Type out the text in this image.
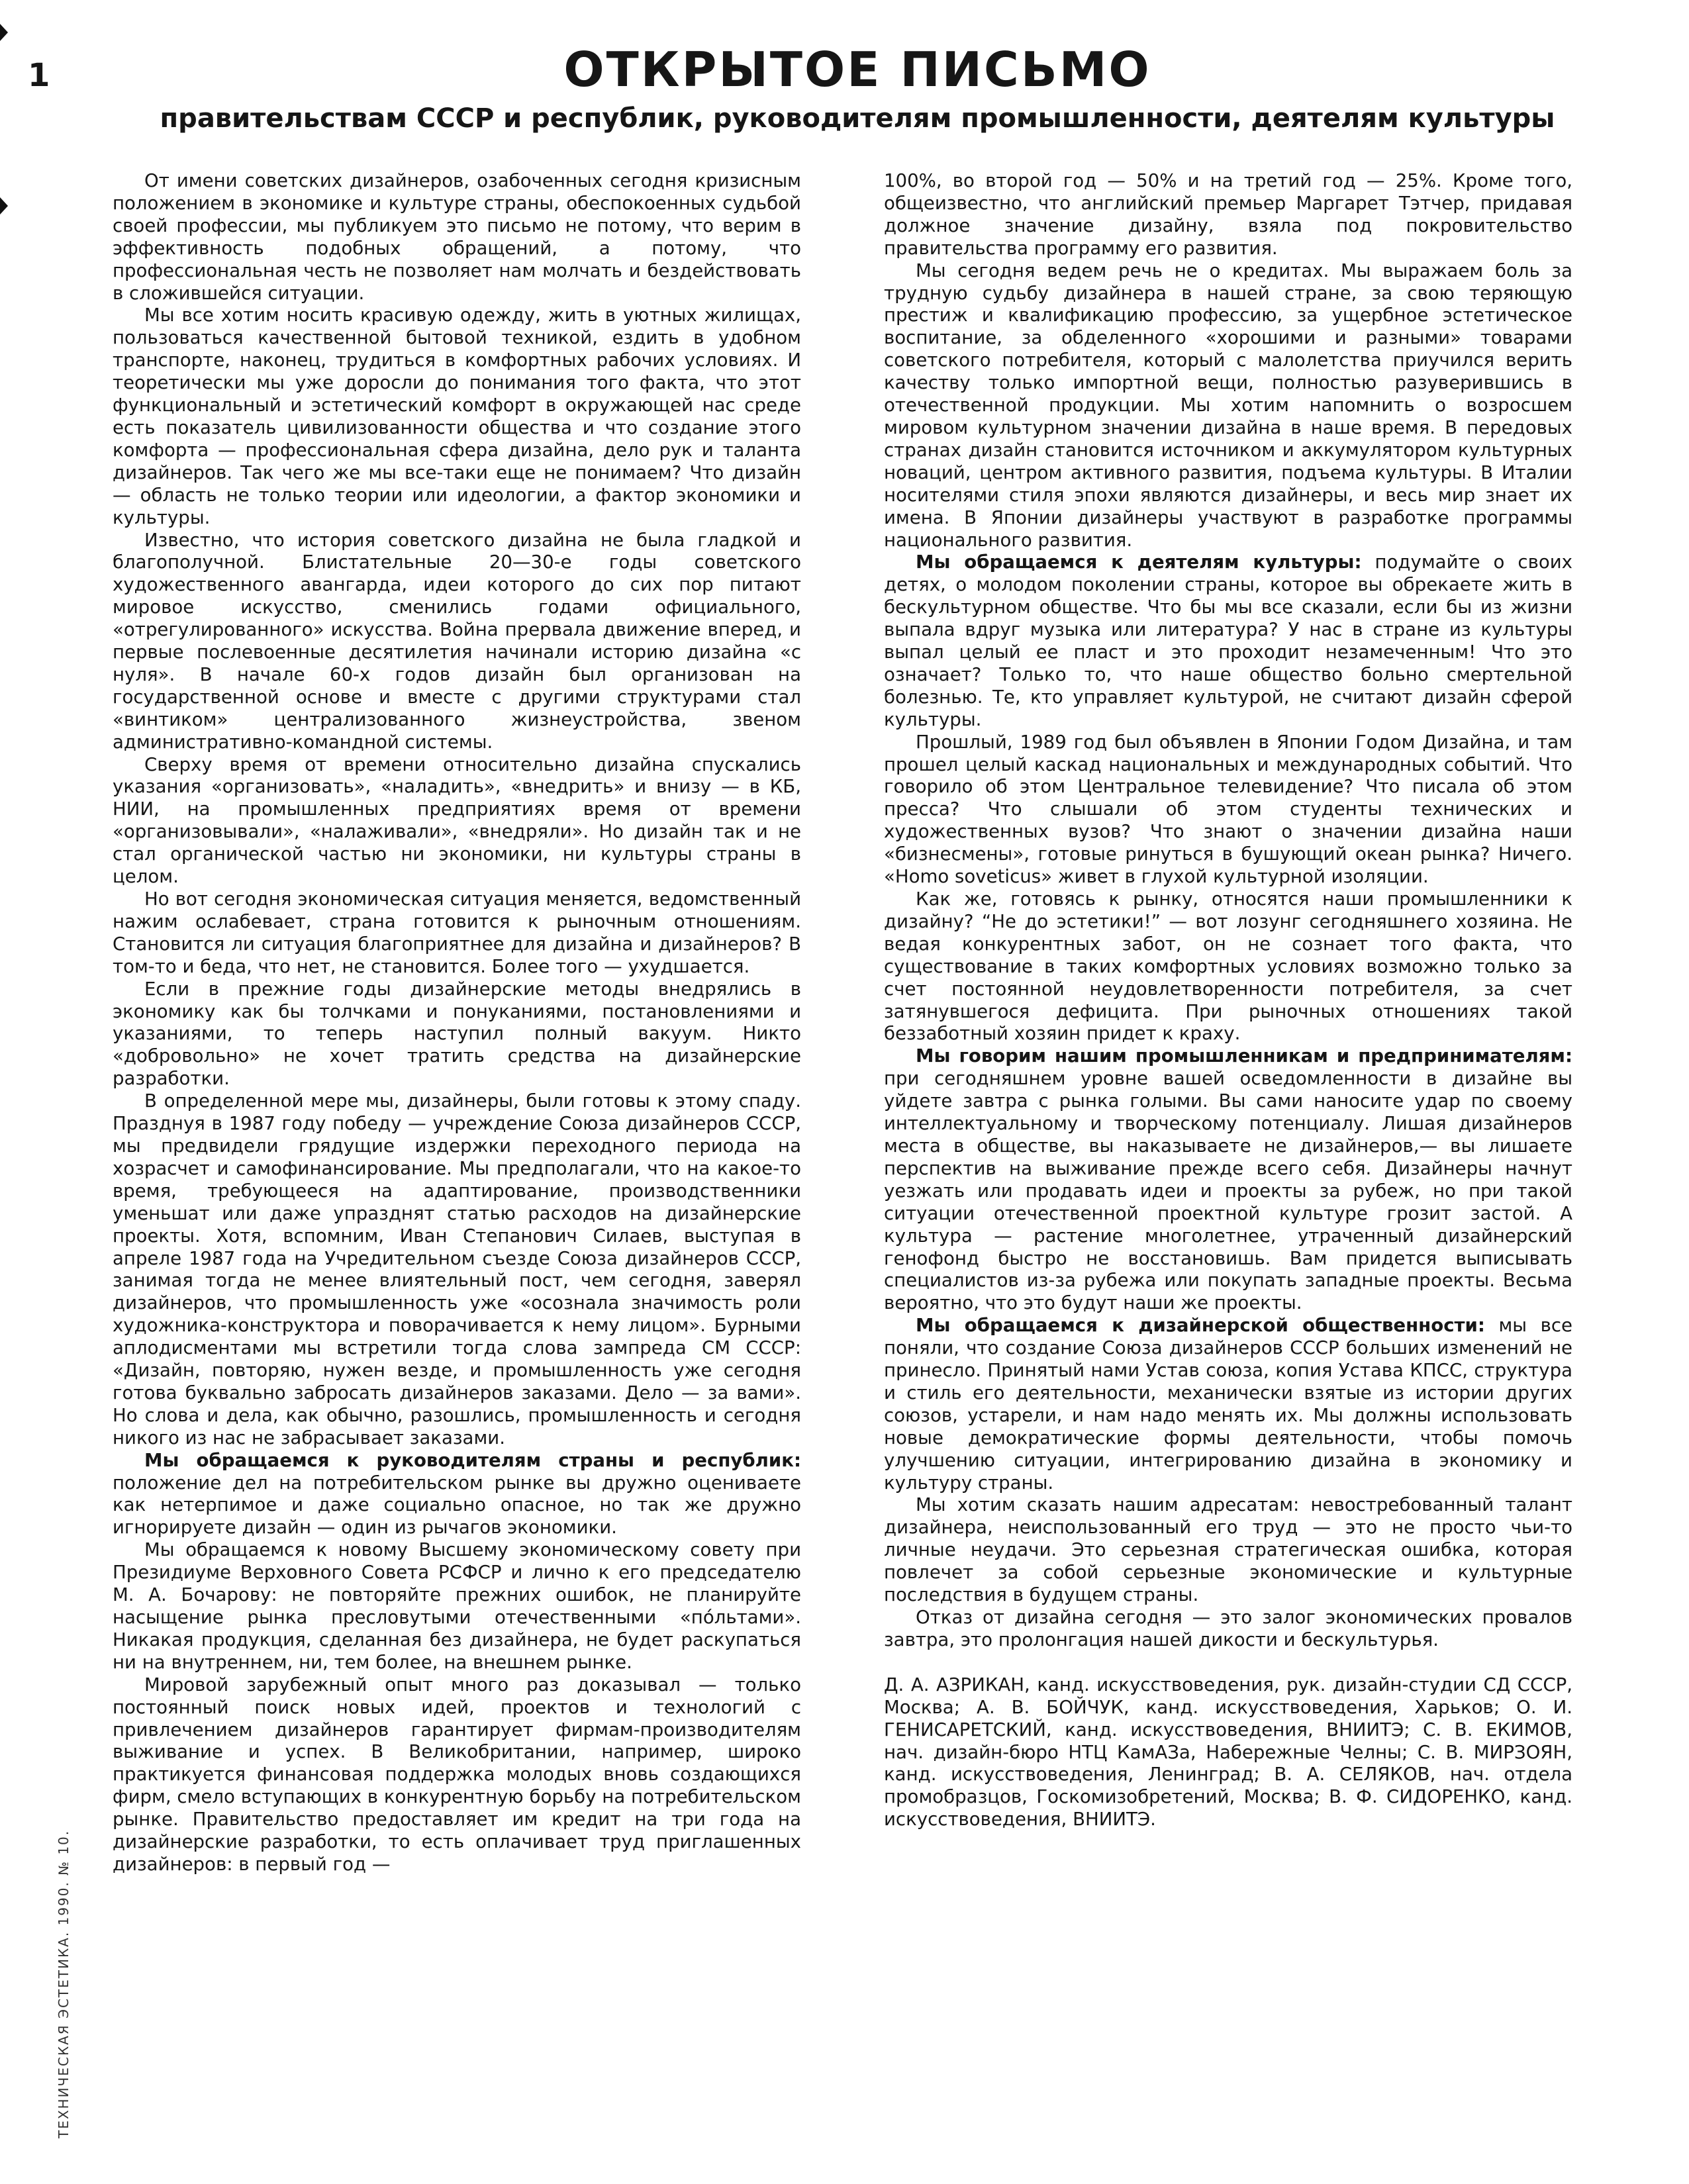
1	ОТКРЫТОЕ ПИСЬМО
правительствам СССР и республик, руководителям промышленности, деятелям культуры

От имени советских дизайнеров, озабоченных сегодня кризисным положением в экономике и культуре страны, обеспокоенных судьбой своей профессии, мы публикуем это письмо не потому, что верим в эффективность подобных обращений, а потому, что профессиональная честь не позволяет нам молчать и бездействовать в сложившейся ситуации.

Мы все хотим носить красивую одежду, жить в уютных жилищах, пользоваться качественной бытовой техникой, ездить в удобном транспорте, наконец, трудиться в комфортных рабочих условиях. И теоретически мы уже доросли до понимания того факта, что этот функциональный и эстетический комфорт в окружающей нас среде есть показатель цивилизованности общества и что создание этого комфорта — профессиональная сфера дизайна, дело рук и таланта дизайнеров. Так чего же мы все-таки еще не понимаем? Что дизайн — область не только теории или идеологии, а фактор экономики и культуры.

Известно, что история советского дизайна не была гладкой и благополучной. Блистательные 20—30-е годы советского художественного авангарда, идеи которого до сих пор питают мировое искусство, сменились годами официального, «отрегулированного» искусства. Война прервала движение вперед, и первые послевоенные десятилетия начинали историю дизайна «с нуля». В начале 60-х годов дизайн был организован на государственной основе и вместе с другими структурами стал «винтиком» централизованного жизнеустройства, звеном административно-командной системы.

Сверху время от времени относительно дизайна спускались указания «организовать», «наладить», «внедрить» и внизу — в КБ, НИИ, на промышленных предприятиях время от времени «организовывали», «налаживали», «внедряли». Но дизайн так и не стал органической частью ни экономики, ни культуры страны в целом.

Но вот сегодня экономическая ситуация меняется, ведомственный нажим ослабевает, страна готовится к рыночным отношениям. Становится ли ситуация благоприятнее для дизайна и дизайнеров? В том-то и беда, что нет, не становится. Более того — ухудшается.

Если в прежние годы дизайнерские методы внедрялись в экономику как бы толчками и понуканиями, постановлениями и указаниями, то теперь наступил полный вакуум. Никто «добровольно» не хочет тратить средства на дизайнерские разработки.

В определенной мере мы, дизайнеры, были готовы к этому спаду. Празднуя в 1987 году победу — учреждение Союза дизайнеров СССР, мы предвидели грядущие издержки переходного периода на хозрасчет и самофинансирование. Мы предполагали, что на какое-то время, требующееся на адаптирование, производственники уменьшат или даже упразднят статью расходов на дизайнерские проекты. Хотя, вспомним, Иван Степанович Силаев, выступая в апреле 1987 года на Учредительном съезде Союза дизайнеров СССР, занимая тогда не менее влиятельный пост, чем сегодня, заверял дизайнеров, что промышленность уже «осознала значимость роли художника-конструктора и поворачивается к нему лицом». Бурными аплодисментами мы встретили тогда слова зампреда СМ СССР: «Дизайн, повторяю, нужен везде, и промышленность уже сегодня готова буквально забросать дизайнеров заказами. Дело — за вами». Но слова и дела, как обычно, разошлись, промышленность и сегодня никого из нас не забрасывает заказами.

Мы обращаемся к руководителям страны и республик: положение дел на потребительском рынке вы дружно оцениваете как нетерпимое и даже социально опасное, но так же дружно игнорируете дизайн — один из рычагов экономики.

Мы обращаемся к новому Высшему экономическому совету при Президиуме Верховного Совета РСФСР и лично к его председателю М. А. Бочарову: не повторяйте прежних ошибок, не планируйте насыщение рынка пресловутыми отечественными «пóльтами». Никакая продукция, сделанная без дизайнера, не будет раскупаться ни на внутреннем, ни, тем более, на внешнем рынке.

Мировой зарубежный опыт много раз доказывал — только постоянный поиск новых идей, проектов и технологий с привлечением дизайнеров гарантирует фирмам-производителям выживание и успех. В Великобритании, например, широко практикуется финансовая поддержка молодых вновь создающихся фирм, смело вступающих в конкурентную борьбу на потребительском рынке. Правительство предоставляет им кредит на три года на дизайнерские разработки, то есть оплачивает труд приглашенных дизайнеров: в первый год —

100%, во второй год — 50% и на третий год — 25%. Кроме того, общеизвестно, что английский премьер Маргарет Тэтчер, придавая должное значение дизайну, взяла под покровительство правительства программу его развития.

Мы сегодня ведем речь не о кредитах. Мы выражаем боль за трудную судьбу дизайнера в нашей стране, за свою теряющую престиж и квалификацию профессию, за ущербное эстетическое воспитание, за обделенного «хорошими и разными» товарами советского потребителя, который с малолетства приучился верить качеству только импортной вещи, полностью разуверившись в отечественной продукции. Мы хотим напомнить о возросшем мировом культурном значении дизайна в наше время. В передовых странах дизайн становится источником и аккумулятором культурных новаций, центром активного развития, подъема культуры. В Италии носителями стиля эпохи являются дизайнеры, и весь мир знает их имена. В Японии дизайнеры участвуют в разработке программы национального развития.

Мы обращаемся к деятелям культуры: подумайте о своих детях, о молодом поколении страны, которое вы обрекаете жить в бескультурном обществе. Что бы мы все сказали, если бы из жизни выпала вдруг музыка или литература? У нас в стране из культуры выпал целый ее пласт и это проходит незамеченным! Что это означает? Только то, что наше общество больно смертельной болезнью. Те, кто управляет культурой, не считают дизайн сферой культуры.

Прошлый, 1989 год был объявлен в Японии Годом Дизайна, и там прошел целый каскад национальных и международных событий. Что говорило об этом Центральное телевидение? Что писала об этом пресса? Что слышали об этом студенты технических и художественных вузов? Что знают о значении дизайна наши «бизнесмены», готовые ринуться в бушующий океан рынка? Ничего. «Homo soveticus» живет в глухой культурной изоляции.

Как же, готовясь к рынку, относятся наши промышленники к дизайну? “Не до эстетики!” — вот лозунг сегодняшнего хозяина. Не ведая конкурентных забот, он не сознает того факта, что существование в таких комфортных условиях возможно только за счет постоянной неудовлетворенности потребителя, за счет затянувшегося дефицита. При рыночных отношениях такой беззаботный хозяин придет к краху.

Мы говорим нашим промышленникам и предпринимателям: при сегодняшнем уровне вашей осведомленности в дизайне вы уйдете завтра с рынка голыми. Вы сами наносите удар по своему интеллектуальному и творческому потенциалу. Лишая дизайнеров места в обществе, вы наказываете не дизайнеров,— вы лишаете перспектив на выживание прежде всего себя. Дизайнеры начнут уезжать или продавать идеи и проекты за рубеж, но при такой ситуации отечественной проектной культуре грозит застой. А культура — растение многолетнее, утраченный дизайнерский генофонд быстро не восстановишь. Вам придется выписывать специалистов из-за рубежа или покупать западные проекты. Весьма вероятно, что это будут наши же проекты.

Мы обращаемся к дизайнерской общественности: мы все поняли, что создание Союза дизайнеров СССР больших изменений не принесло. Принятый нами Устав союза, копия Устава КПСС, структура и стиль его деятельности, механически взятые из истории других союзов, устарели, и нам надо менять их. Мы должны использовать новые демократические формы деятельности, чтобы помочь улучшению ситуации, интегрированию дизайна в экономику и культуру страны.

Мы хотим сказать нашим адресатам: невостребованный талант дизайнера, неиспользованный его труд — это не просто чьи-то личные неудачи. Это серьезная стратегическая ошибка, которая повлечет за собой серьезные экономические и культурные последствия в будущем страны.

Отказ от дизайна сегодня — это залог экономических провалов завтра, это пролонгация нашей дикости и бескультурья.

Д. А. АЗРИКАН, канд. искусствоведения, рук. дизайн-студии СД СССР, Москва; А. В. БОЙЧУК, канд. искусствоведения, Харьков; О. И. ГЕНИСАРЕТСКИЙ, канд. искусствоведения, ВНИИТЭ; С. В. ЕКИМОВ, нач. дизайн-бюро НТЦ КамАЗа, Набережные Челны; С. В. МИРЗОЯН, канд. искусствоведения, Ленинград; В. А. СЕЛЯКОВ, нач. отдела промобразцов, Госкомизобретений, Москва; В. Ф. СИДОРЕНКО, канд. искусствоведения, ВНИИТЭ.

ТЕХНИЧЕСКАЯ ЭСТЕТИКА. 1990. № 10.
